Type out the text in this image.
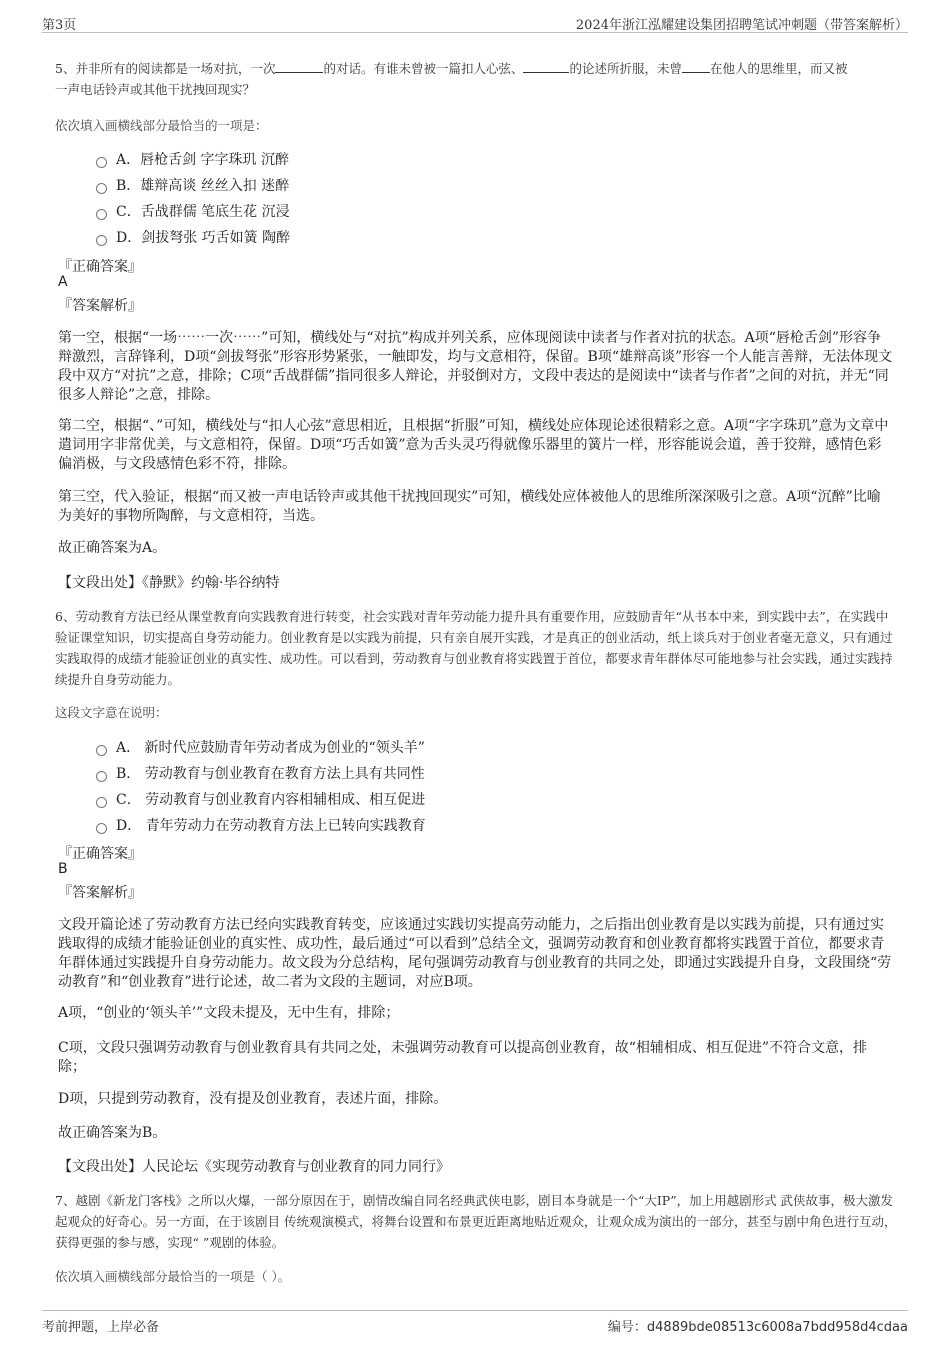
第3页	2024年浙江泓耀建设集团招聘笔试冲刺题（带答案解析）
5、并非所有的阅读都是一场对抗，一次	的对话。有谁未曾被一篇扣人心弦、	的论述所折服，未曾 在他人的思维里，而又被
一声电话铃声或其他干扰拽回现实？
依次填入画横线部分最恰当的一项是：
A．唇枪舌剑 字字珠玑 沉醉
B．雄辩高谈 丝丝入扣 迷醉
C．舌战群儒 笔底生花 沉浸
D．剑拔弩张 巧舌如簧 陶醉
『正确答案』
A
『答案解析』
第一空，根据“一场⋯⋯一次⋯⋯”可知，横线处与“对抗”构成并列关系，应体现阅读中读者与作者对抗的状态。A项“唇枪舌剑”形容争辩激烈，言辞锋利，D项“剑拔弩张”形容形势紧张，一触即发，均与文意相符，保留。B项“雄辩高谈”形容一个人能言善辩，无法体现文段中双方“对抗”之意，排除；C项“舌战群儒”指同很多人辩论，并驳倒对方，文段中表达的是阅读中“读者与作者”之间的对抗，并无“同很多人辩论”之意，排除。
第二空，根据“、”可知，横线处与“扣人心弦”意思相近，且根据“折服”可知，横线处应体现论述很精彩之意。A项“字字珠玑”意为文章中遣词用字非常优美，与文意相符，保留。D项“巧舌如簧”意为舌头灵巧得就像乐器里的簧片一样，形容能说会道，善于狡辩，感情色彩偏消极，与文段感情色彩不符，排除。
第三空，代入验证，根据“而又被一声电话铃声或其他干扰拽回现实”可知，横线处应体被他人的思维所深深吸引之意。A项“沉醉”比喻为美好的事物所陶醉，与文意相符，当选。
故正确答案为A。
【文段出处】《静默》约翰·毕谷纳特
6、劳动教育方法已经从课堂教育向实践教育进行转变，社会实践对青年劳动能力提升具有重要作用，应鼓励青年“从书本中来，到实践中去”，在实践中验证课堂知识，切实提高自身劳动能力。创业教育是以实践为前提，只有亲自展开实践，才是真正的创业活动，纸上谈兵对于创业者毫无意义，只有通过实践取得的成绩才能验证创业的真实性、成功性。可以看到，劳动教育与创业教育将实践置于首位，都要求青年群体尽可能地参与社会实践，通过实践持续提升自身劳动能力。
这段文字意在说明：
A． 新时代应鼓励青年劳动者成为创业的“领头羊”
B． 劳动教育与创业教育在教育方法上具有共同性
C． 劳动教育与创业教育内容相辅相成、相互促进
D． 青年劳动力在劳动教育方法上已转向实践教育
『正确答案』
B
『答案解析』
文段开篇论述了劳动教育方法已经向实践教育转变，应该通过实践切实提高劳动能力，之后指出创业教育是以实践为前提，只有通过实践取得的成绩才能验证创业的真实性、成功性，最后通过“可以看到”总结全文，强调劳动教育和创业教育都将实践置于首位，都要求青年群体通过实践提升自身劳动能力。故文段为分总结构，尾句强调劳动教育与创业教育的共同之处，即通过实践提升自身，文段围绕“劳动教育”和“创业教育”进行论述，故二者为文段的主题词，对应B项。
A项，“创业的‘领头羊’”文段未提及，无中生有，排除；
C项，文段只强调劳动教育与创业教育具有共同之处，未强调劳动教育可以提高创业教育，故“相辅相成、相互促进”不符合文意，排除；
D项，只提到劳动教育，没有提及创业教育，表述片面，排除。
故正确答案为B。
【文段出处】人民论坛《实现劳动教育与创业教育的同力同行》
7、越剧《新龙门客栈》之所以火爆，一部分原因在于，剧情改编自同名经典武侠电影，剧目本身就是一个“大IP”，加上用越剧形式 武侠故事，极大激发起观众的好奇心。另一方面，在于该剧目 传统观演模式，将舞台设置和布景更近距离地贴近观众，让观众成为演出的一部分，甚至与剧中角色进行互动，获得更强的参与感，实现“ ”观剧的体验。
依次填入画横线部分最恰当的一项是（ ）。
考前押题，上岸必备	编号：d4889bde08513c6008a7bdd958d4cdaa
